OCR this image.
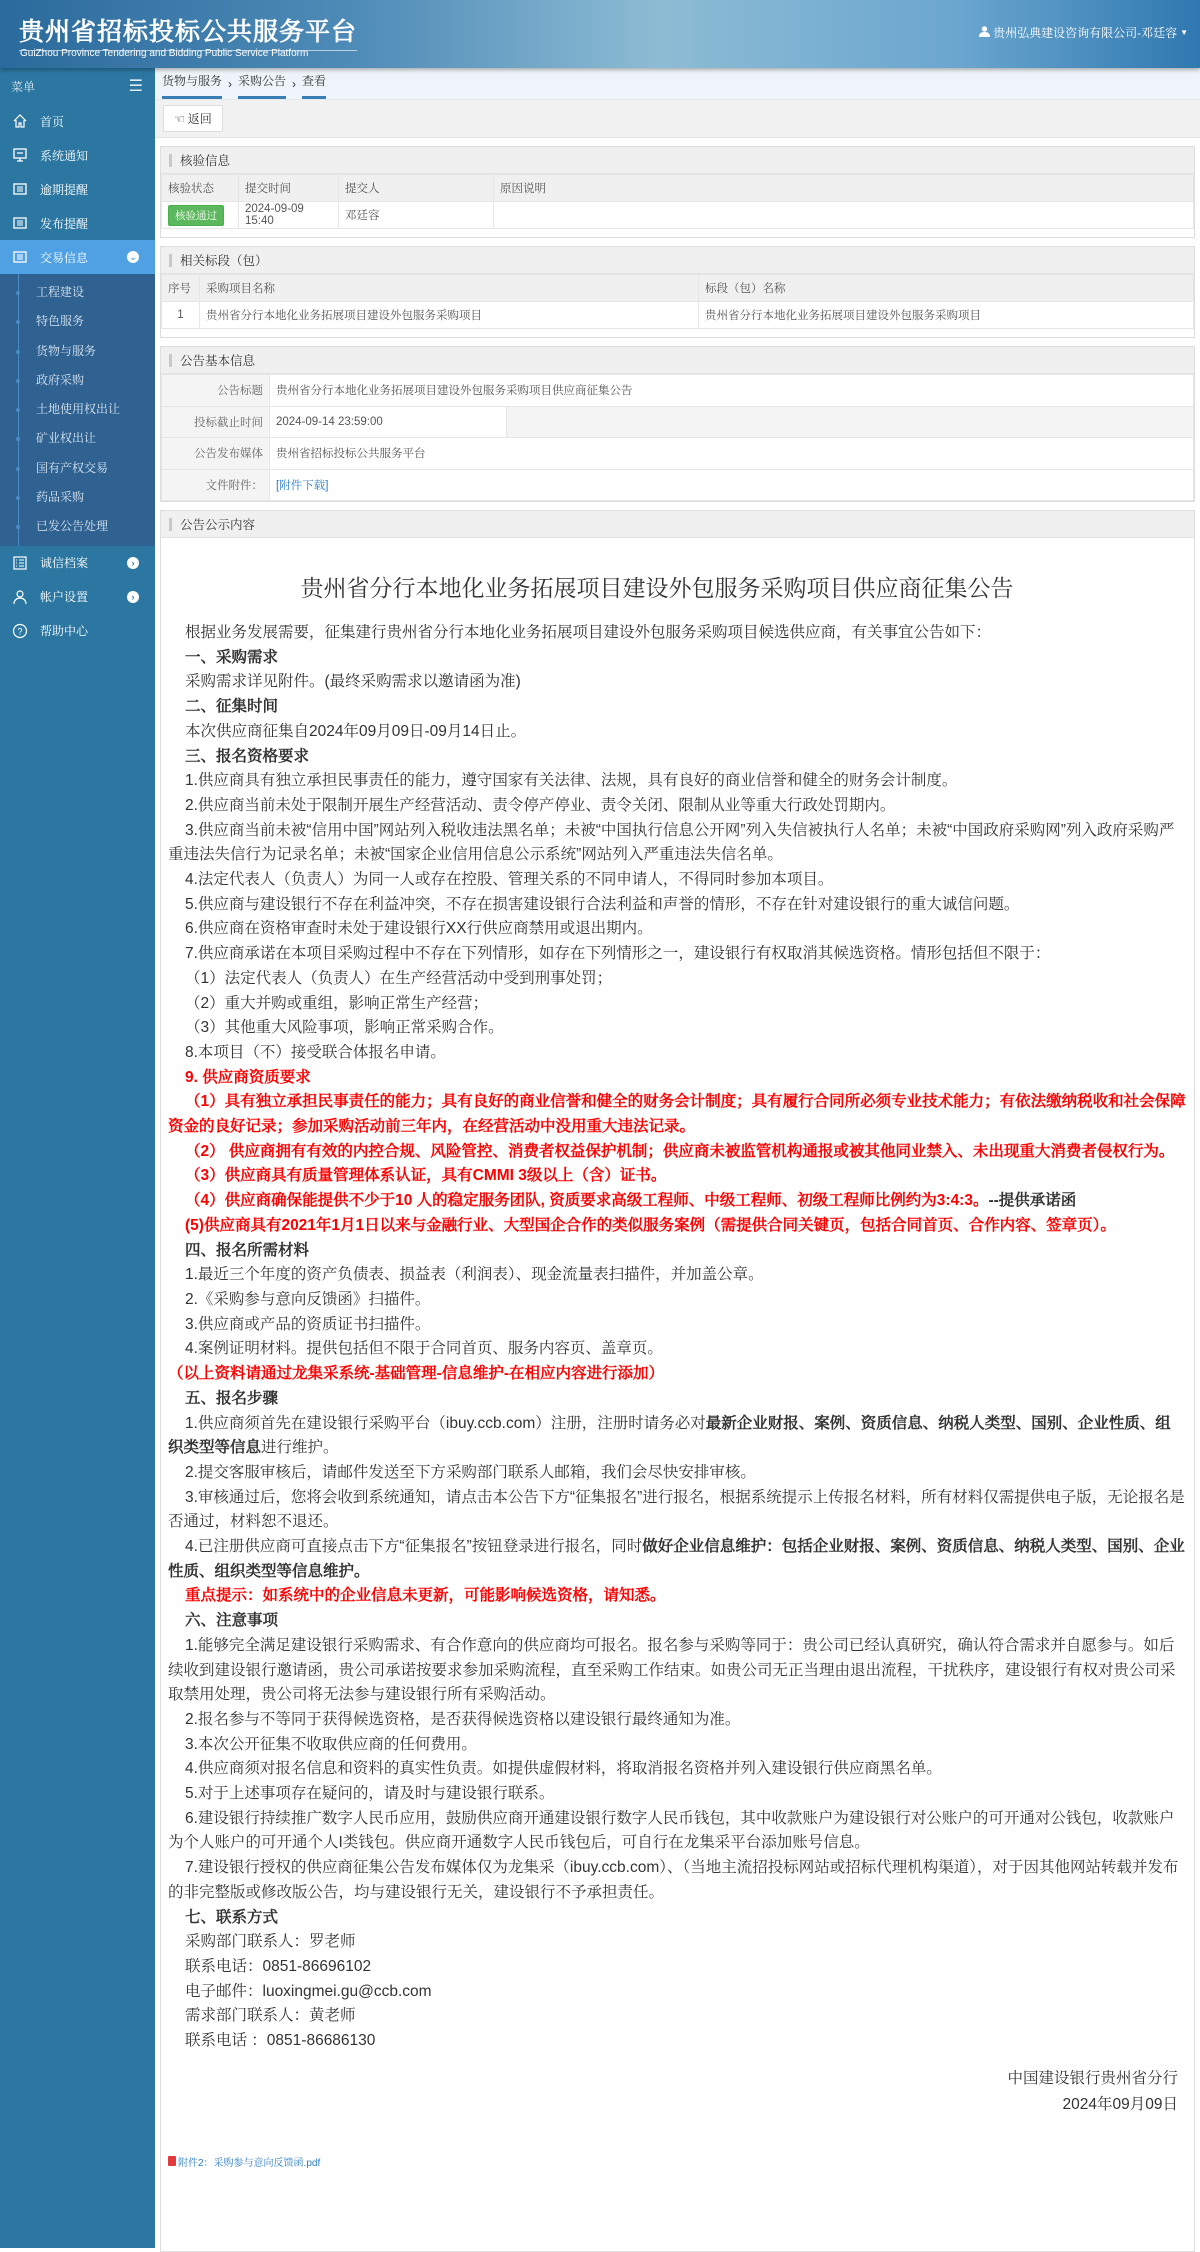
贵州省招标投标公共服务平台
GuiZhou Province Tendering and Bidding Public Service Platform
贵州弘典建设咨询有限公司-邓廷容 ▼
菜单	☰
首页
系统通知
逾期提醒
发布提醒
交易信息	⌄
工程建设
特色服务
货物与服务
政府采购
土地使用权出让
矿业权出让
国有产权交易
药品采购
已发公告处理
诚信档案	›
帐户设置	›
? 帮助中心
货物与服务 › 采购公告 › 查看
☜ 返回
核验信息
核验状态	提交时间	提交人	原因说明
核验通过	2024-09-09 15:40	邓廷容	
相关标段（包）
序号	采购项目名称	标段（包）名称
1	贵州省分行本地化业务拓展项目建设外包服务采购项目	贵州省分行本地化业务拓展项目建设外包服务采购项目
公告基本信息
公告标题	贵州省分行本地化业务拓展项目建设外包服务采购项目供应商征集公告	
投标截止时间	2024-09-14 23:59:00	
公告发布媒体	贵州省招标投标公共服务平台	
文件附件：	[附件下载]	
公告公示内容
贵州省分行本地化业务拓展项目建设外包服务采购项目供应商征集公告

根据业务发展需要，征集建行贵州省分行本地化业务拓展项目建设外包服务采购项目候选供应商，有关事宜公告如下：

一、采购需求

采购需求详见附件。(最终采购需求以邀请函为准)

二、征集时间

本次供应商征集自2024年09月09日-09月14日止。

三、报名资格要求

1.供应商具有独立承担民事责任的能力，遵守国家有关法律、法规，具有良好的商业信誉和健全的财务会计制度。

2.供应商当前未处于限制开展生产经营活动、责令停产停业、责令关闭、限制从业等重大行政处罚期内。

3.供应商当前未被“信用中国”网站列入税收违法黑名单；未被“中国执行信息公开网”列入失信被执行人名单；未被“中国政府采购网”列入政府采购严重违法失信行为记录名单；未被“国家企业信用信息公示系统”网站列入严重违法失信名单。

4.法定代表人（负责人）为同一人或存在控股、管理关系的不同申请人，不得同时参加本项目。

5.供应商与建设银行不存在利益冲突，不存在损害建设银行合法利益和声誉的情形，不存在针对建设银行的重大诚信问题。

6.供应商在资格审查时未处于建设银行XX行供应商禁用或退出期内。

7.供应商承诺在本项目采购过程中不存在下列情形，如存在下列情形之一，建设银行有权取消其候选资格。情形包括但不限于：

（1）法定代表人（负责人）在生产经营活动中受到刑事处罚；

（2）重大并购或重组，影响正常生产经营；

（3）其他重大风险事项，影响正常采购合作。

8.本项目（不）接受联合体报名申请。

9. 供应商资质要求

（1）具有独立承担民事责任的能力；具有良好的商业信誉和健全的财务会计制度；具有履行合同所必须专业技术能力；有依法缴纳税收和社会保障资金的良好记录；参加采购活动前三年内，在经营活动中没用重大违法记录。

（2） 供应商拥有有效的内控合规、风险管控、消费者权益保护机制；供应商未被监管机构通报或被其他同业禁入、未出现重大消费者侵权行为。

（3）供应商具有质量管理体系认证，具有CMMI 3级以上（含）证书。

（4）供应商确保能提供不少于10 人的稳定服务团队, 资质要求高级工程师、中级工程师、初级工程师比例约为3:4:3。--提供承诺函

(5)供应商具有2021年1月1日以来与金融行业、大型国企合作的类似服务案例（需提供合同关键页，包括合同首页、合作内容、签章页）。

四、报名所需材料

1.最近三个年度的资产负债表、损益表（利润表）、现金流量表扫描件，并加盖公章。

2.《采购参与意向反馈函》扫描件。

3.供应商或产品的资质证书扫描件。

4.案例证明材料。提供包括但不限于合同首页、服务内容页、盖章页。

（以上资料请通过龙集采系统-基础管理-信息维护-在相应内容进行添加）

五、报名步骤

1.供应商须首先在建设银行采购平台（ibuy.ccb.com）注册，注册时请务必对最新企业财报、案例、资质信息、纳税人类型、国别、企业性质、组织类型等信息进行维护。

2.提交客服审核后，请邮件发送至下方采购部门联系人邮箱，我们会尽快安排审核。

3.审核通过后，您将会收到系统通知，请点击本公告下方“征集报名”进行报名，根据系统提示上传报名材料，所有材料仅需提供电子版，无论报名是否通过，材料恕不退还。

4.已注册供应商可直接点击下方“征集报名”按钮登录进行报名，同时做好企业信息维护：包括企业财报、案例、资质信息、纳税人类型、国别、企业性质、组织类型等信息维护。

重点提示：如系统中的企业信息未更新，可能影响候选资格，请知悉。

六、注意事项

1.能够完全满足建设银行采购需求、有合作意向的供应商均可报名。报名参与采购等同于：贵公司已经认真研究，确认符合需求并自愿参与。如后续收到建设银行邀请函，贵公司承诺按要求参加采购流程，直至采购工作结束。如贵公司无正当理由退出流程，干扰秩序，建设银行有权对贵公司采取禁用处理，贵公司将无法参与建设银行所有采购活动。

2.报名参与不等同于获得候选资格，是否获得候选资格以建设银行最终通知为准。

3.本次公开征集不收取供应商的任何费用。

4.供应商须对报名信息和资料的真实性负责。如提供虚假材料，将取消报名资格并列入建设银行供应商黑名单。

5.对于上述事项存在疑问的，请及时与建设银行联系。

6.建设银行持续推广数字人民币应用，鼓励供应商开通建设银行数字人民币钱包，其中收款账户为建设银行对公账户的可开通对公钱包，收款账户为个人账户的可开通个人I类钱包。供应商开通数字人民币钱包后，可自行在龙集采平台添加账号信息。

7.建设银行授权的供应商征集公告发布媒体仅为龙集采（ibuy.ccb.com）、（当地主流招投标网站或招标代理机构渠道），对于因其他网站转载并发布的非完整版或修改版公告，均与建设银行无关，建设银行不予承担责任。

七、联系方式

采购部门联系人：罗老师

联系电话：0851-86696102

电子邮件：luoxingmei.gu@ccb.com

需求部门联系人：黄老师

联系电话 ：0851-86686130

中国建设银行贵州省分行
2024年09月09日
附件2：采购参与意向反馈函.pdf
